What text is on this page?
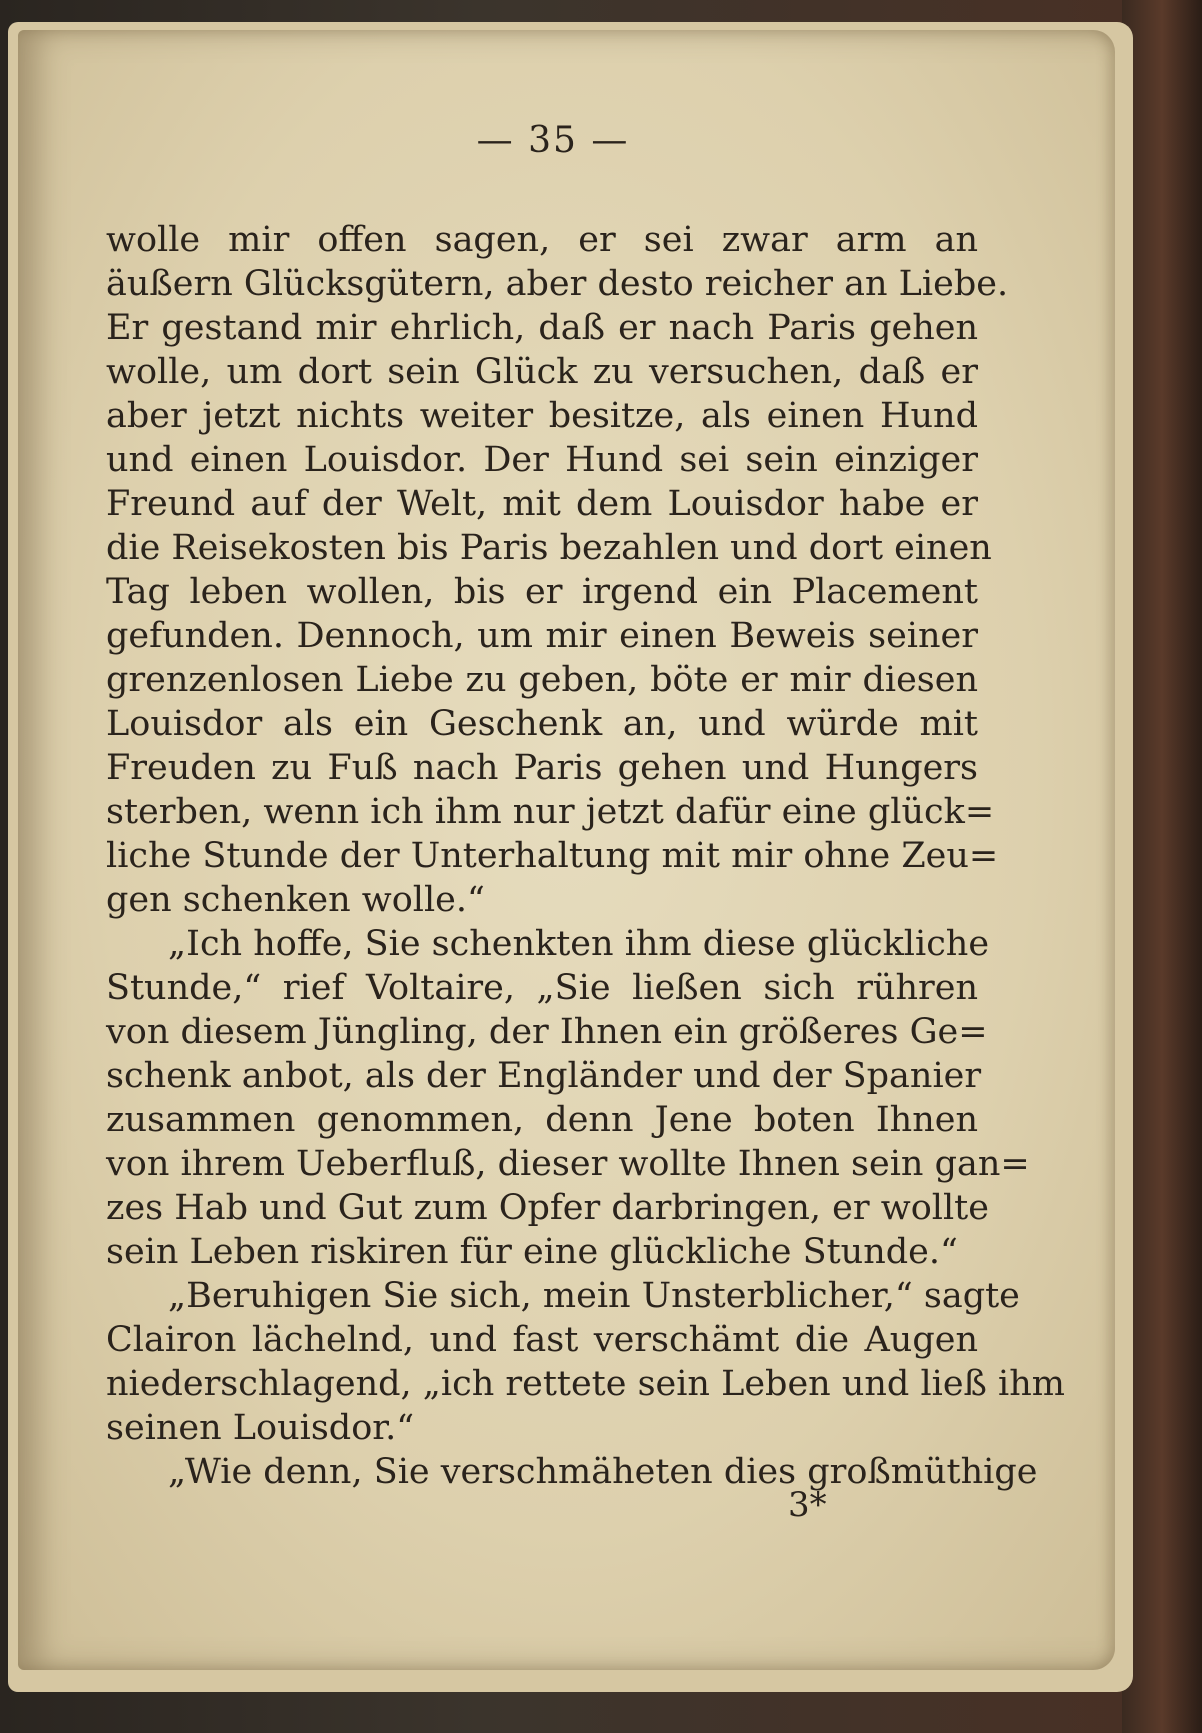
— 35 —
wolle mir offen sagen, er sei zwar arm an
äußern Glücksgütern, aber desto reicher an Liebe.
Er gestand mir ehrlich, daß er nach Paris gehen
wolle, um dort sein Glück zu versuchen, daß er
aber jetzt nichts weiter besitze, als einen Hund
und einen Louisdor. Der Hund sei sein einziger
Freund auf der Welt, mit dem Louisdor habe er
die Reisekosten bis Paris bezahlen und dort einen
Tag leben wollen, bis er irgend ein Placement
gefunden. Dennoch, um mir einen Beweis seiner
grenzenlosen Liebe zu geben, böte er mir diesen
Louisdor als ein Geschenk an, und würde mit
Freuden zu Fuß nach Paris gehen und Hungers
sterben, wenn ich ihm nur jetzt dafür eine glück=
liche Stunde der Unterhaltung mit mir ohne Zeu=
gen schenken wolle.“
„Ich hoffe, Sie schenkten ihm diese glückliche
Stunde,“ rief Voltaire, „Sie ließen sich rühren
von diesem Jüngling, der Ihnen ein größeres Ge=
schenk anbot, als der Engländer und der Spanier
zusammen genommen, denn Jene boten Ihnen
von ihrem Ueberfluß, dieser wollte Ihnen sein gan=
zes Hab und Gut zum Opfer darbringen, er wollte
sein Leben riskiren für eine glückliche Stunde.“
„Beruhigen Sie sich, mein Unsterblicher,“ sagte
Clairon lächelnd, und fast verschämt die Augen
niederschlagend, „ich rettete sein Leben und ließ ihm
seinen Louisdor.“
„Wie denn, Sie verschmäheten dies großmüthige
3*
